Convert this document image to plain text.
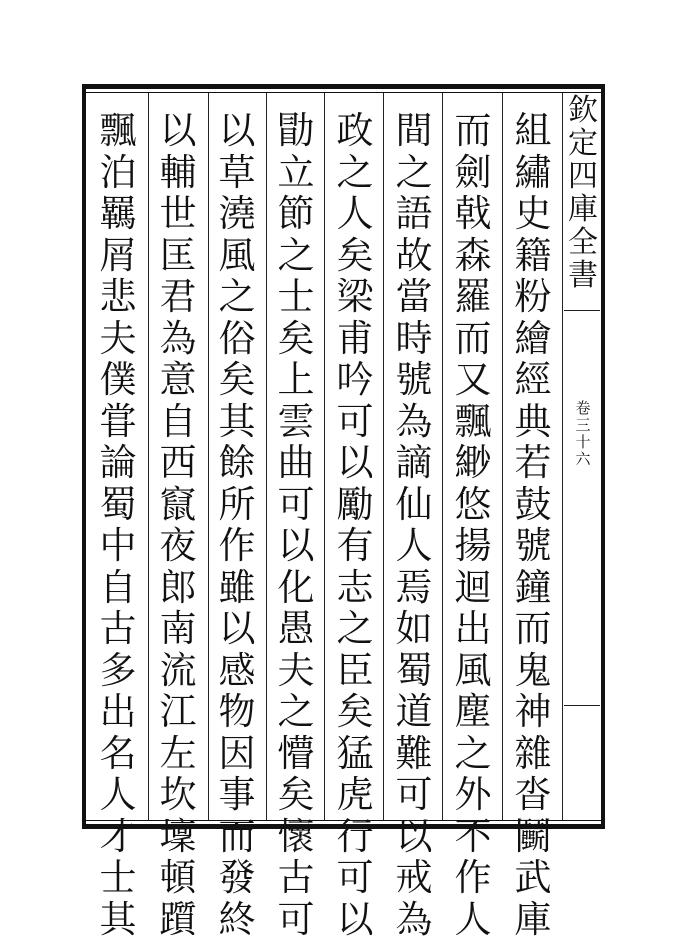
欽
定
四
庫
全
書
卷
三
十
六
組
繡
史
籍
粉
繪
經
典
若
鼓
號
鐘
而
鬼
神
雜
沓
鬭
武
庫
而
劍
戟
森
羅
而
又
飄
緲
悠
揚
迴
出
風
塵
之
外
不
作
人
間
之
語
故
當
時
號
為
謫
仙
人
焉
如
蜀
道
難
可
以
戒
為
政
之
人
矣
梁
甫
吟
可
以
勵
有
志
之
臣
矣
猛
虎
行
可
以
勖
立
節
之
士
矣
上
雲
曲
可
以
化
愚
夫
之
懵
矣
懷
古
可
以
草
澆
風
之
俗
矣
其
餘
所
作
雖
以
感
物
因
事
而
發
終
以
輔
世
匡
君
為
意
自
西
竄
夜
郎
南
流
江
左
坎
壈
頓
躓
飄
泊
羈
屑
悲
夫
僕
甞
論
蜀
中
自
古
多
出
名
人
才
士
其
